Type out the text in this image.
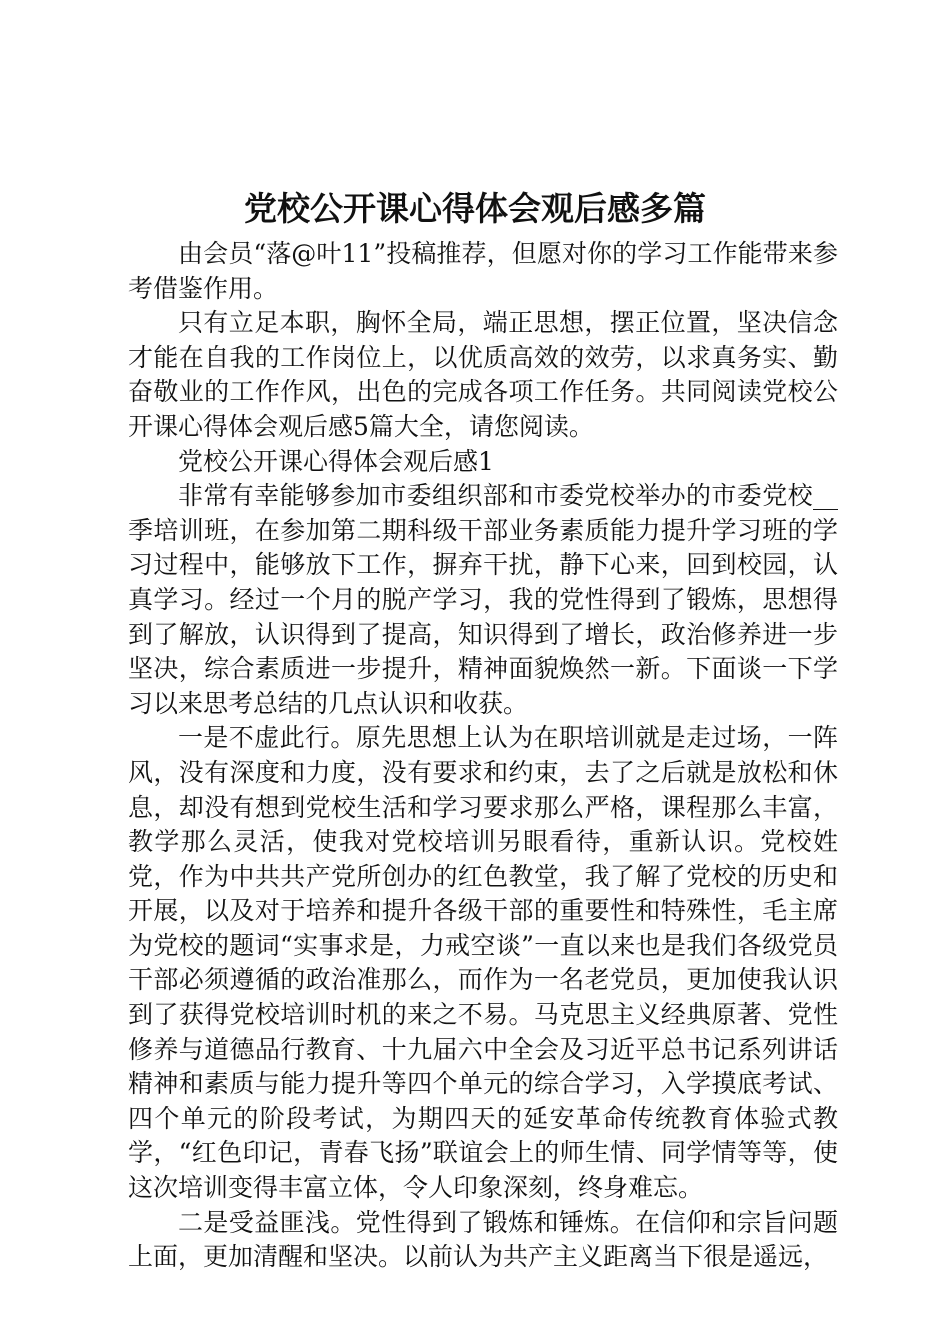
党校公开课心得体会观后感多篇

由会员“落@叶11”投稿推荐，但愿对你的学习工作能带来参考借鉴作用。

只有立足本职，胸怀全局，端正思想，摆正位置，坚决信念才能在自我的工作岗位上，以优质高效的效劳，以求真务实、勤奋敬业的工作作风，出色的完成各项工作任务。共同阅读党校公开课心得体会观后感5篇大全，请您阅读。

党校公开课心得体会观后感1

非常有幸能够参加市委组织部和市委党校举办的市委党校__季培训班，在参加第二期科级干部业务素质能力提升学习班的学习过程中，能够放下工作，摒弃干扰，静下心来，回到校园，认真学习。经过一个月的脱产学习，我的党性得到了锻炼，思想得到了解放，认识得到了提高，知识得到了增长，政治修养进一步坚决，综合素质进一步提升，精神面貌焕然一新。下面谈一下学习以来思考总结的几点认识和收获。

一是不虚此行。原先思想上认为在职培训就是走过场，一阵风，没有深度和力度，没有要求和约束，去了之后就是放松和休息，却没有想到党校生活和学习要求那么严格，课程那么丰富，教学那么灵活，使我对党校培训另眼看待，重新认识。党校姓党，作为中共共产党所创办的红色教堂，我了解了党校的历史和开展，以及对于培养和提升各级干部的重要性和特殊性，毛主席为党校的题词“实事求是，力戒空谈”一直以来也是我们各级党员干部必须遵循的政治准那么，而作为一名老党员，更加使我认识到了获得党校培训时机的来之不易。马克思主义经典原著、党性修养与道德品行教育、十九届六中全会及习近平总书记系列讲话精神和素质与能力提升等四个单元的综合学习，入学摸底考试、四个单元的阶段考试，为期四天的延安革命传统教育体验式教学，“红色印记，青春飞扬”联谊会上的师生情、同学情等等，使这次培训变得丰富立体，令人印象深刻，终身难忘。

二是受益匪浅。党性得到了锻炼和锤炼。在信仰和宗旨问题上面，更加清醒和坚决。以前认为共产主义距离当下很是遥远，
